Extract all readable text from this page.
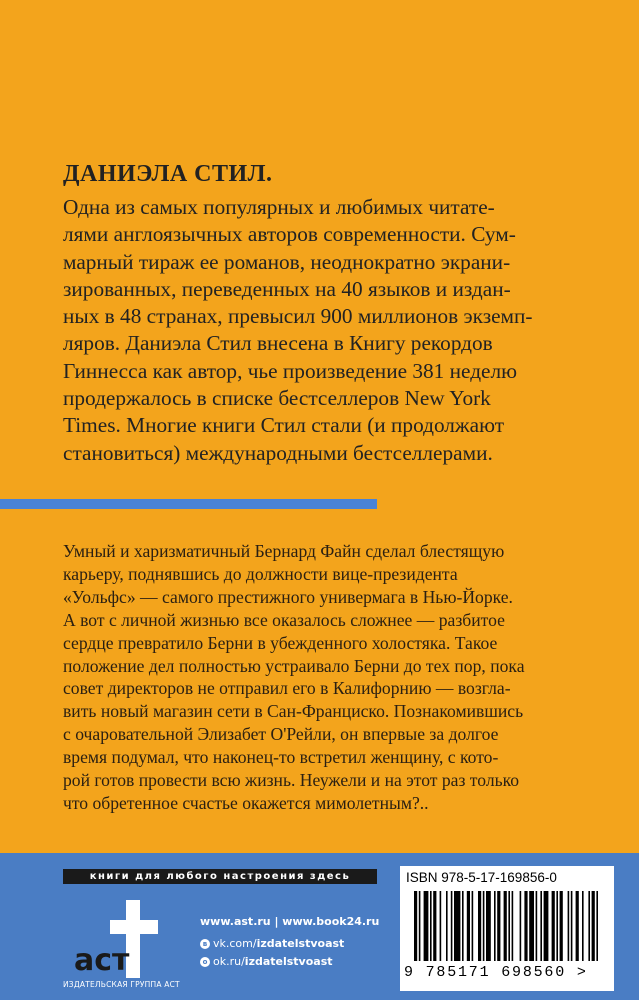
ДАНИЭЛА СТИЛ.

Одна из самых популярных и любимых читате-
лями англоязычных авторов современности. Сум-
марный тираж ее романов, неоднократно экрани-
зированных, переведенных на 40 языков и издан-
ных в 48 странах, превысил 900 миллионов экземп-
ляров. Даниэла Стил внесена в Книгу рекордов
Гиннесса как автор, чье произведение 381 неделю
продержалось в списке бестселлеров New York
Times. Многие книги Стил стали (и продолжают
становиться) международными бестселлерами.

Умный и харизматичный Бернард Файн сделал блестящую
карьеру, поднявшись до должности вице-президента
«Уольфс» — самого престижного универмага в Нью-Йорке.
А вот с личной жизнью все оказалось сложнее — разбитое
сердце превратило Берни в убежденного холостяка. Такое
положение дел полностью устраивало Берни до тех пор, пока
совет директоров не отправил его в Калифорнию — возгла-
вить новый магазин сети в Сан-Франциско. Познакомившись
с очаровательной Элизабет О'Рейли, он впервые за долгое
время подумал, что наконец-то встретил женщину, с кото-
рой готов провести всю жизнь. Неужели и на этот раз только
что обретенное счастье окажется мимолетным?..
книги для любого настроения здесь
аст
ИЗДАТЕЛЬСКАЯ ГРУППА АСТ
www.ast.ru | www.book24.ru
в vk.com/izdatelstvoast
о ok.ru/izdatelstvoast
ISBN 978-5-17-169856-0
9 785171 698560 >
